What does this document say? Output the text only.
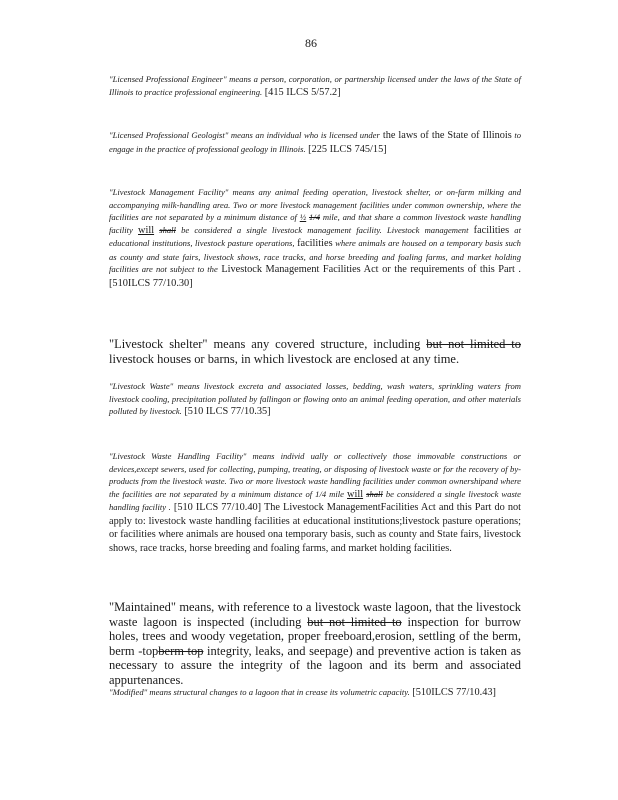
86
"Licensed Professional Engineer" means a person, corporation, or partnership licensed under the laws of the State of Illinois to practice professional engineering. [415 ILCS 5/57.2]
"Licensed Professional Geologist" means an individual who is licensed under the laws of the State of Illinois to engage in the practice of professional geology in Illinois. [225 ILCS 745/15]
"Livestock Management Facility" means any animal feeding operation, livestock shelter, or on-farm milking and accompanying milk-handling area. Two or more livestock management facilities under common ownership, where the facilities are not separated by a minimum distance of ½ 1/4 mile, and that share a common livestock waste handling facility will shall be considered a single livestock management facility. Livestock management facilities at educational institutions, livestock pasture operations, facilities where animals are housed on a temporary basis such as county and state fairs, livestock shows, race tracks, and horse breeding and foaling farms, and market holding facilities are not subject to the Livestock Management Facilities Act or the requirements of this Part .[510ILCS 77/10.30]
"Livestock shelter" means any covered structure, including but not limited to livestock houses or barns, in which livestock are enclosed at any time.
"Livestock Waste" means livestock excreta and associated losses, bedding, wash waters, sprinkling waters from livestock cooling, precipitation polluted by fallingon or flowing onto an animal feeding operation, and other materials polluted by livestock. [510 ILCS 77/10.35]
"Livestock Waste Handling Facility" means individ ually or collectively those immovable constructions or devices,except sewers, used for collecting, pumping, treating, or disposing of livestock waste or for the recovery of by-products from the livestock waste. Two or more livestock waste handling facilities under common ownershipand where the facilities are not separated by a minimum distance of 1/4 mile will shall be considered a single livestock waste handling facility . [510 ILCS 77/10.40] The Livestock ManagementFacilities Act and this Part do not apply to: livestock waste handling facilities at educational institutions;livestock pasture operations; or facilities where animals are housed ona temporary basis, such as county and State fairs, livestock shows, race tracks, horse breeding and foaling farms, and market holding facilities.
"Maintained" means, with reference to a livestock waste lagoon, that the livestock waste lagoon is inspected (including but not limited to inspection for burrow holes, trees and woody vegetation, proper freeboard,erosion, settling of the berm, berm -topberm top integrity, leaks, and seepage) and preventive action is taken as necessary to assure the integrity of the lagoon and its berm and associated appurtenances.
"Modified" means structural changes to a lagoon that in crease its volumetric capacity. [510ILCS 77/10.43]
